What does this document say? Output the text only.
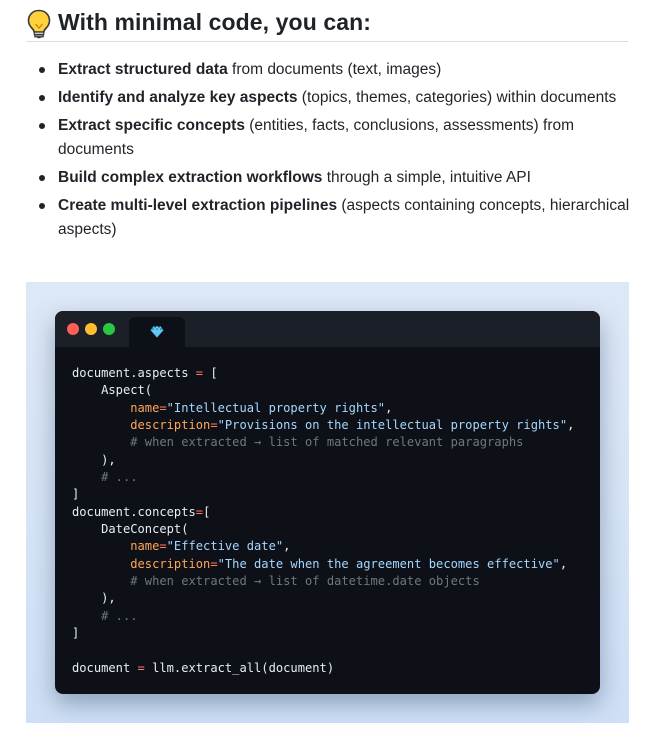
With minimal code, you can:
Extract structured data from documents (text, images)
Identify and analyze key aspects (topics, themes, categories) within documents
Extract specific concepts (entities, facts, conclusions, assessments) from documents
Build complex extraction workflows through a simple, intuitive API
Create multi-level extraction pipelines (aspects containing concepts, hierarchical aspects)
document.aspects = [
Aspect(
name="Intellectual property rights",
description="Provisions on the intellectual property rights",
# when extracted → list of matched relevant paragraphs
),
# ...
]
document.concepts=[
DateConcept(
name="Effective date",
description="The date when the agreement becomes effective",
# when extracted → list of datetime.date objects
),
# ...
]
document = llm.extract_all(document)
